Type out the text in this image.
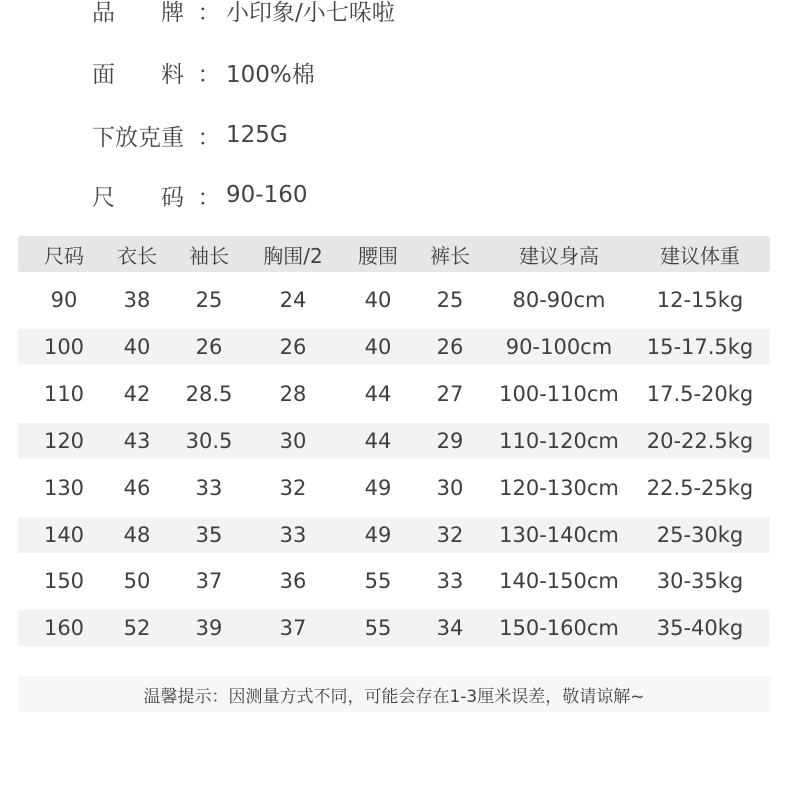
品 牌 ： 小印象/小七哚啦
面 料 ： 100%棉
下放克重 ： 125G
尺 码 ： 90-160
尺码 衣长 袖长 胸围/2 腰围 裤长 建议身高	建议体重
90 38 25	24	40 25 80-90cm 12-15kg
100 40 26	26	40 26 90-100cm 15-17.5kg
110 42 28.5 28	44 27 100-110cm 17.5-20kg
120 43 30.5 30	44 29 110-120cm 20-22.5kg
130 46 33	32	49 30 120-130cm 22.5-25kg
140 48 35	33	49 32 130-140cm 25-30kg
150 50 37	36	55 33 140-150cm 30-35kg
160 52 39	37	55 34 150-160cm 35-40kg
温馨提示：因测量方式不同，可能会存在1-3厘米误差，敬请谅解~
